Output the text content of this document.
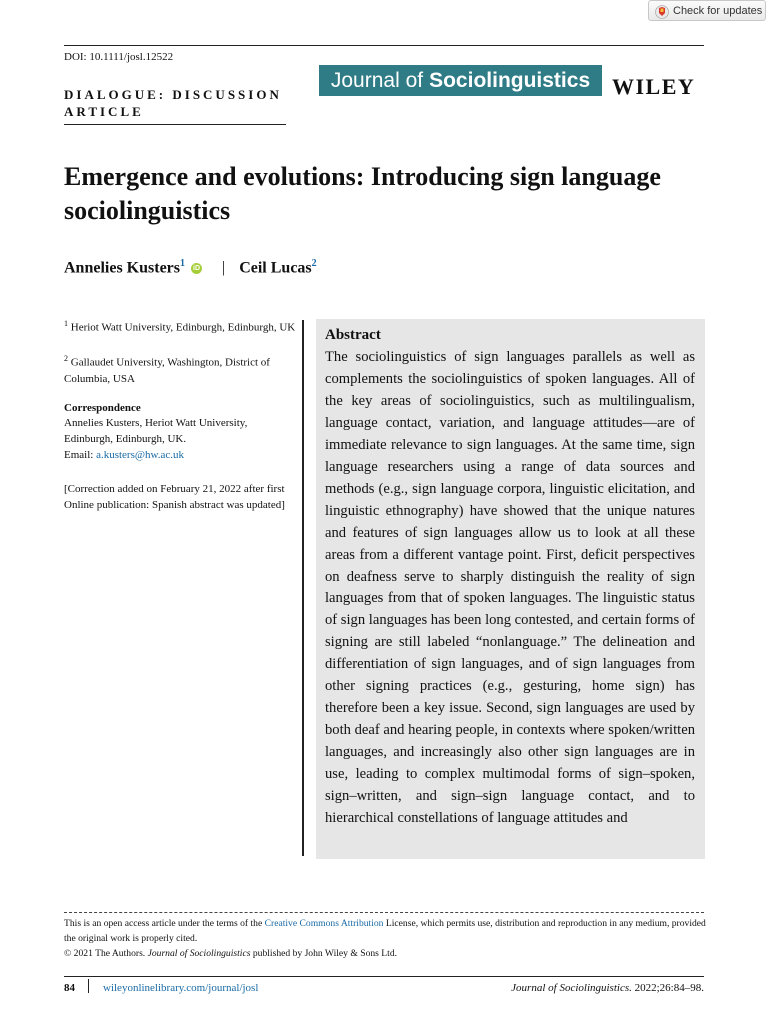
Check for updates
DOI: 10.1111/josl.12522
DIALOGUE: DISCUSSION
ARTICLE
Journal of Sociolinguistics WILEY
Emergence and evolutions: Introducing sign language sociolinguistics
Annelies Kusters$^1$ iD | Ceil Lucas$^2$
$^1$ Heriot Watt University, Edinburgh, Edinburgh, UK
$^2$ Gallaudet University, Washington, District of Columbia, USA
Correspondence
Annelies Kusters, Heriot Watt University, Edinburgh, Edinburgh, UK.
Email: a.kusters@hw.ac.uk
[Correction added on February 21, 2022 after first Online publication: Spanish abstract was updated]
Abstract
The sociolinguistics of sign languages parallels as well as complements the sociolinguistics of spoken languages. All of the key areas of sociolinguistics, such as multilingualism, language contact, variation, and language attitudes—are of immediate relevance to sign languages. At the same time, sign language researchers using a range of data sources and methods (e.g., sign language corpora, linguistic elicitation, and linguistic ethnography) have showed that the unique natures and features of sign languages allow us to look at all these areas from a different vantage point. First, deficit perspectives on deafness serve to sharply distinguish the reality of sign languages from that of spoken languages. The linguistic status of sign languages has been long contested, and certain forms of signing are still labeled “nonlanguage.” The delineation and differentiation of sign languages, and of sign languages from other signing practices (e.g., gesturing, home sign) has therefore been a key issue. Second, sign languages are used by both deaf and hearing people, in contexts where spoken/written languages, and increasingly also other sign languages are in use, leading to complex multimodal forms of sign–spoken, sign–written, and sign–sign language contact, and to hierarchical constellations of language attitudes and
This is an open access article under the terms of the Creative Commons Attribution License, which permits use, distribution and reproduction in any medium, provided the original work is properly cited.
© 2021 The Authors. Journal of Sociolinguistics published by John Wiley & Sons Ltd.
84	wileyonlinelibrary.com/journal/josl	Journal of Sociolinguistics. 2022;26:84–98.
